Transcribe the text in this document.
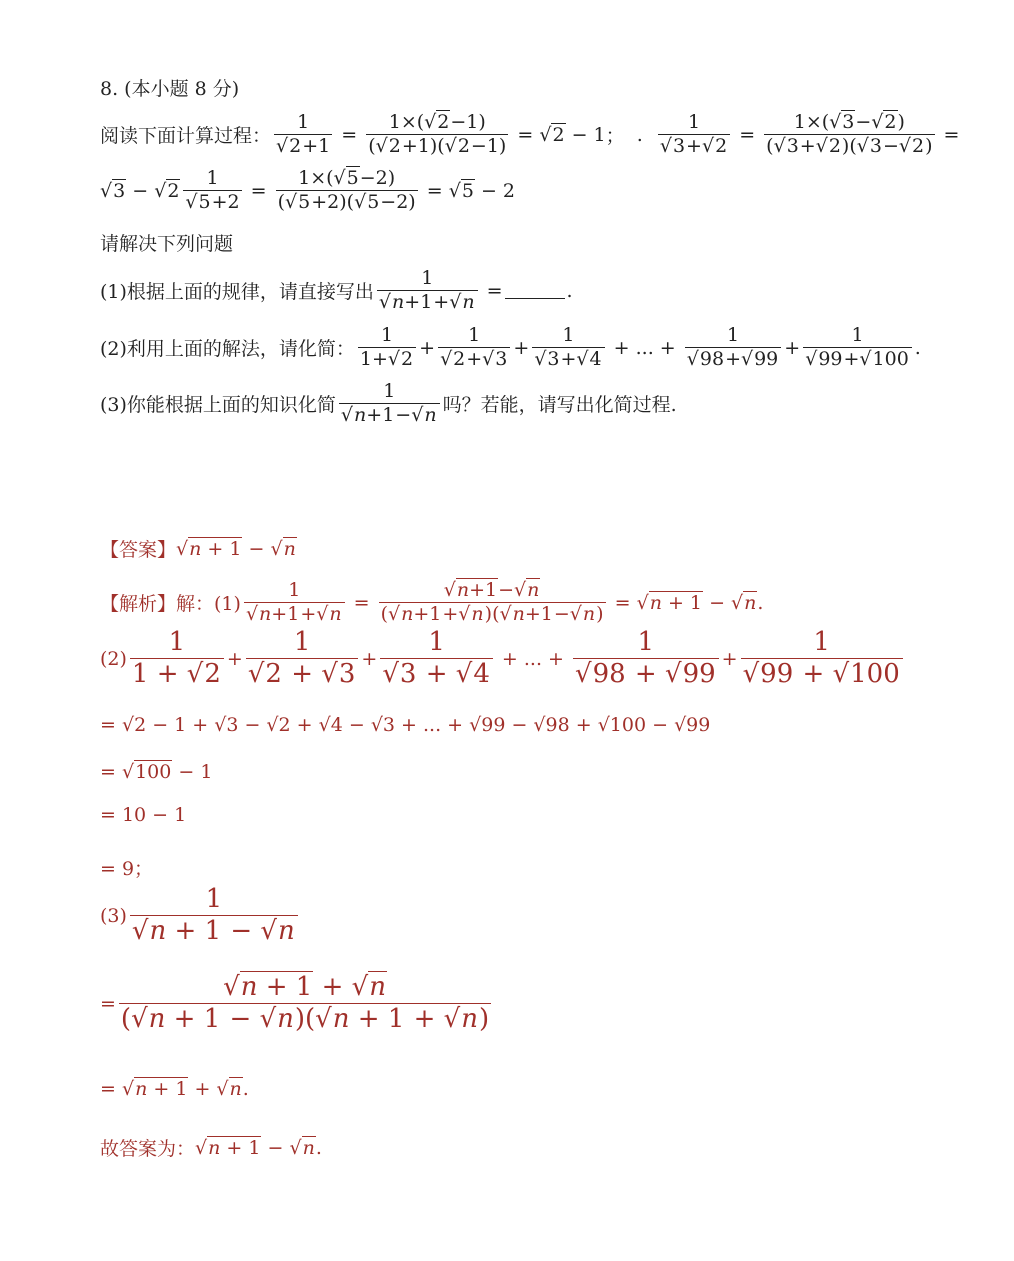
8. (本小题 8 分)
阅读下面计算过程： $\frac{1}{√2+1} = \frac{1\times(√2-1)}{(√2+1)(√2-1)} = √2 - 1$ ； . $\frac{1}{√3+√2} = \frac{1\times(√3-√2)}{(√3+√2)(√3-√2)}$ =
$√3 - √2 \frac{1}{√5+2} = \frac{1\times(√5-2)}{(√5+2)(√5-2)} = √5 - 2$
请解决下列问题
(1)根据上面的规律，请直接写出 $\frac{1}{√n+1+√n}$ =	.
(2)利用上面的解法，请化简： $\frac{1}{1+√2} + \frac{1}{√2+√3} + \frac{1}{√3+√4}$ + ... + $\frac{1}{√98+√99} + \frac{1}{√99+√100}$ .
(3)你能根据上面的知识化简 $\frac{1}{√n+1-√n}$ 吗？若能，请写出化简过程.
【答案】 √n + 1 − √n
【解析】 解：$(1) \frac{1}{√n+1+√n} = \frac{√n+1-√n}{(√n+1+√n)(√n+1-√n)} = √n + 1 - √n$.
$(2) \frac{1}{1 + √2} + \frac{1}{√2 + √3} + \frac{1}{√3 + √4}$ + ... + $\frac{1}{√98 + √99} + \frac{1}{√99 + √100}$
= √2 − 1 + √3 − √2 + √4 − √3 + ... + √99 − √98 + √100 − √99
= √100 − 1
= 10 − 1
= 9；
$(3) \frac{1}{√n + 1 - √n}$
= $\frac{√n + 1 + √n}{(√n + 1 - √n)(√n + 1 + √n)}$
= √n + 1 + √n.
故答案为： √n + 1 − √n.
